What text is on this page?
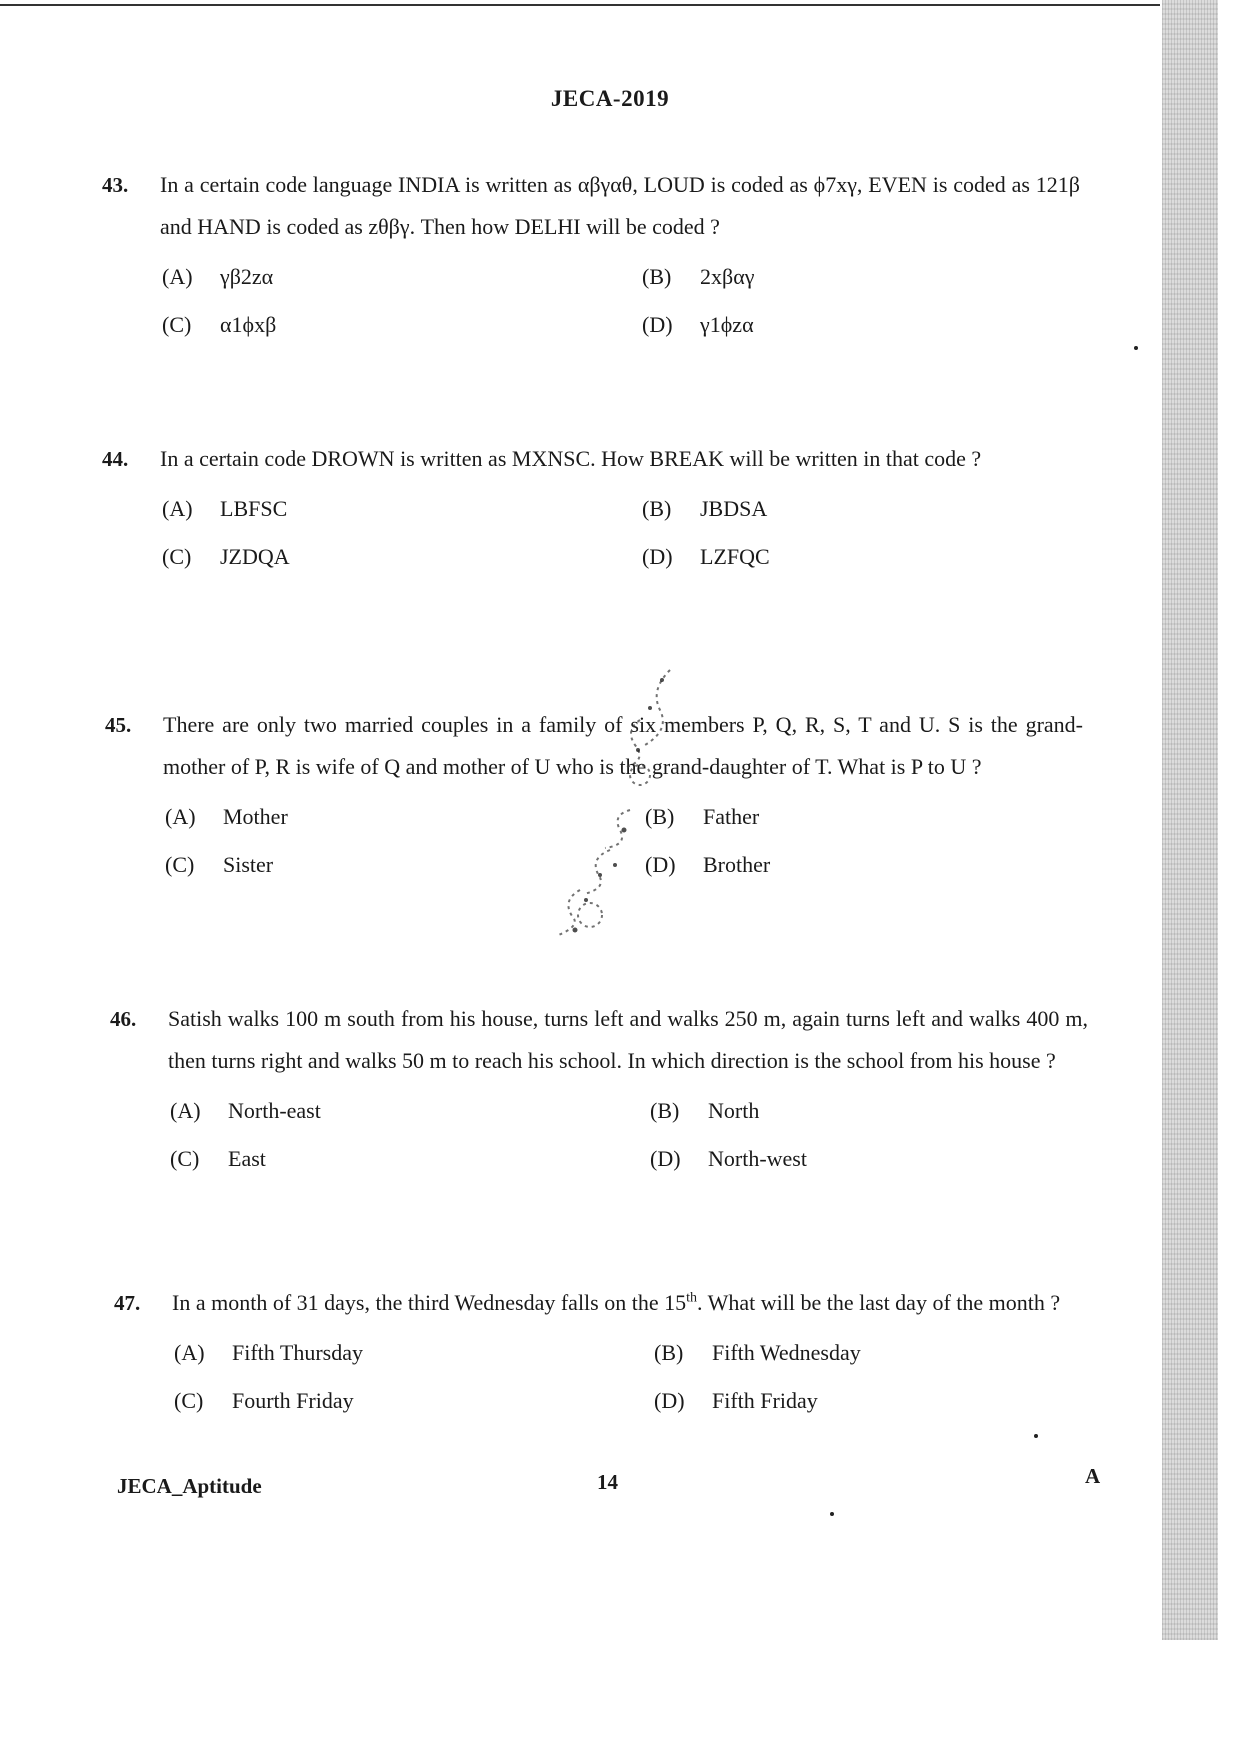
JECA-2019
43. In a certain code language INDIA is written as αβγαθ, LOUD is coded as ϕ7xγ, EVEN is coded as 121β and HAND is coded as zθβγ. Then how DELHI will be coded ?
(A)	γβ2zα	(B)	2xβαγ
(C)	α1ϕxβ	(D)	γ1ϕzα
44. In a certain code DROWN is written as MXNSC. How BREAK will be written in that code ?
(A)	LBFSC	(B)	JBDSA
(C)	JZDQA	(D)	LZFQC
45. There are only two married couples in a family of six members P, Q, R, S, T and U. S is the grand-mother of P, R is wife of Q and mother of U who is the grand-daughter of T. What is P to U ?
(A)	Mother	(B)	Father
(C)	Sister	(D)	Brother
46. Satish walks 100 m south from his house, turns left and walks 250 m, again turns left and walks 400 m, then turns right and walks 50 m to reach his school. In which direction is the school from his house ?
(A)	North-east	(B)	North
(C)	East	(D)	North-west
47. In a month of 31 days, the third Wednesday falls on the 15th. What will be the last day of the month ?
(A)	Fifth Thursday	(B)	Fifth Wednesday
(C)	Fourth Friday	(D)	Fifth Friday
JECA_Aptitude	14	A
